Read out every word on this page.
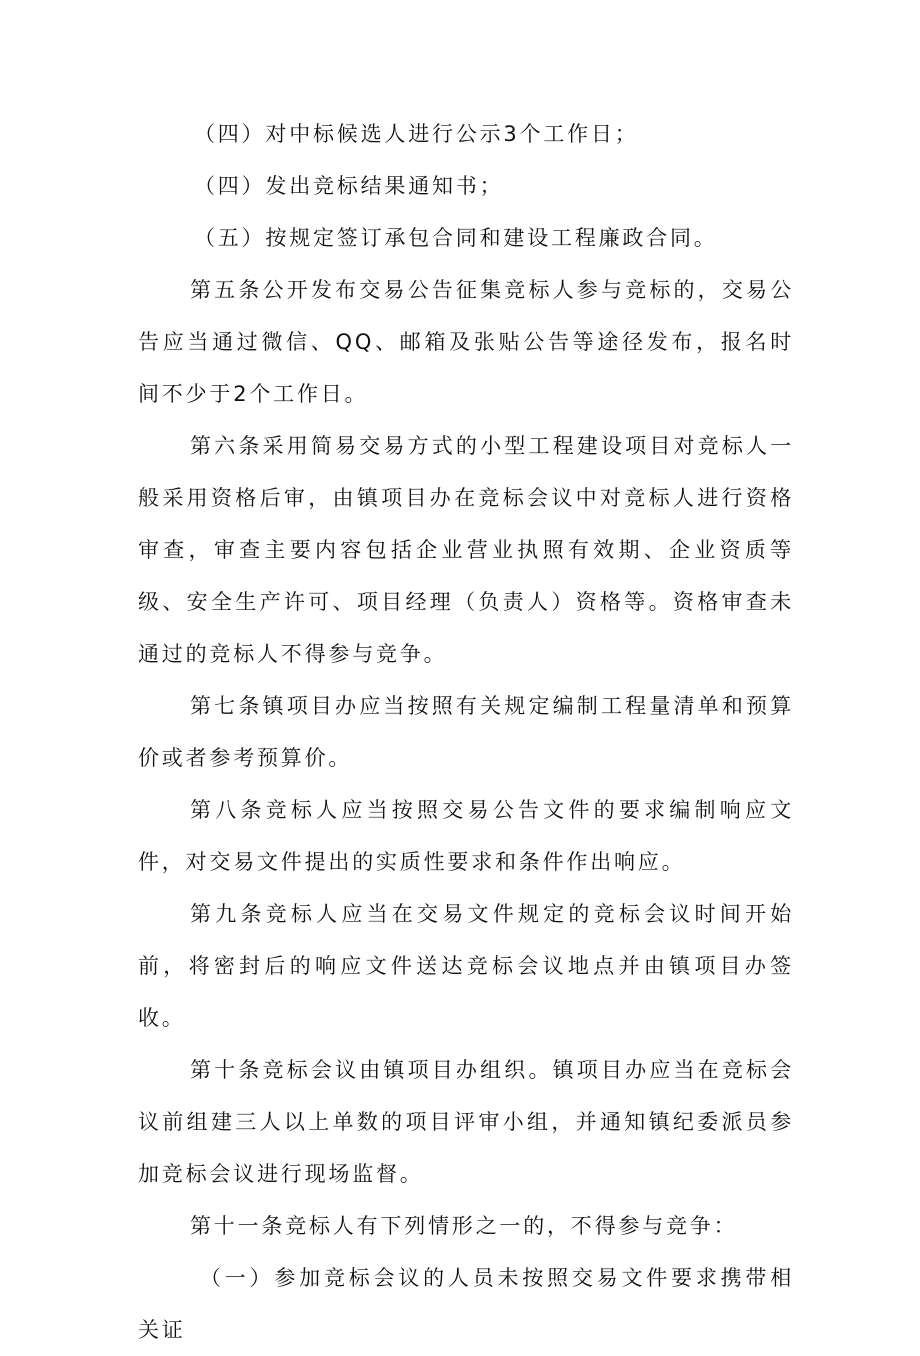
（四）对中标候选人进行公示3个工作日；

（四）发出竞标结果通知书；

（五）按规定签订承包合同和建设工程廉政合同。

第五条公开发布交易公告征集竞标人参与竞标的，交易公告应当通过微信、QQ、邮箱及张贴公告等途径发布，报名时间不少于2个工作日。

第六条采用简易交易方式的小型工程建设项目对竞标人一般采用资格后审，由镇项目办在竞标会议中对竞标人进行资格审查，审查主要内容包括企业营业执照有效期、企业资质等级、安全生产许可、项目经理（负责人）资格等。资格审查未通过的竞标人不得参与竞争。

第七条镇项目办应当按照有关规定编制工程量清单和预算价或者参考预算价。

第八条竞标人应当按照交易公告文件的要求编制响应文件，对交易文件提出的实质性要求和条件作出响应。

第九条竞标人应当在交易文件规定的竞标会议时间开始前，将密封后的响应文件送达竞标会议地点并由镇项目办签收。

第十条竞标会议由镇项目办组织。镇项目办应当在竞标会议前组建三人以上单数的项目评审小组，并通知镇纪委派员参加竞标会议进行现场监督。

第十一条竞标人有下列情形之一的，不得参与竞争：

（一）参加竞标会议的人员未按照交易文件要求携带相关证
